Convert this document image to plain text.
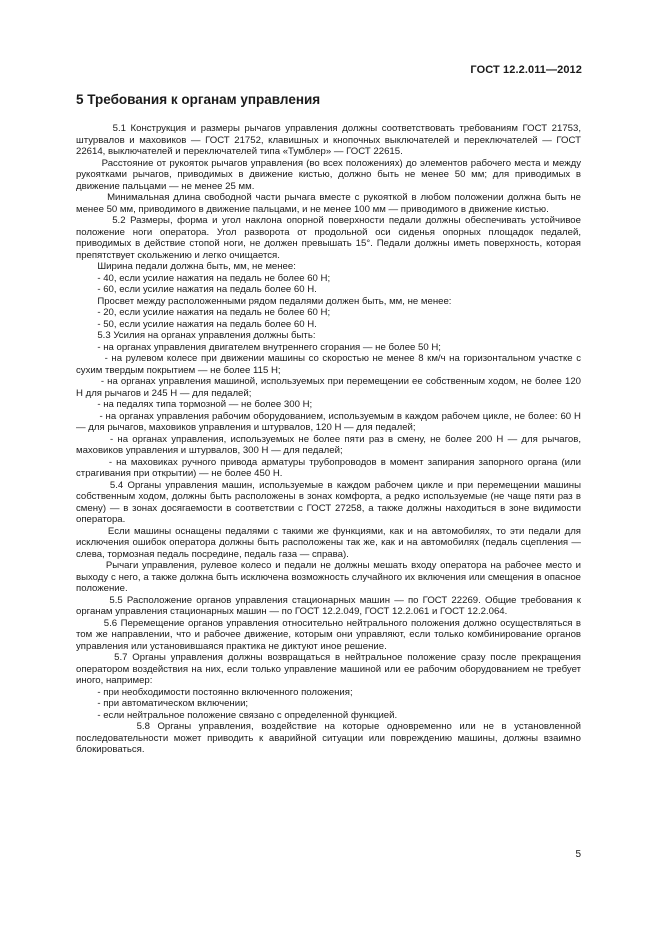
ГОСТ 12.2.011—2012
5 Требования к органам управления

5.1 Конструкция и размеры рычагов управления должны соответствовать требованиям ГОСТ 21753, штурвалов и маховиков — ГОСТ 21752, клавишных и кнопочных выключателей и переключателей — ГОСТ 22614, выключателей и переключателей типа «Тумблер» — ГОСТ 22615.

Расстояние от рукояток рычагов управления (во всех положениях) до элементов рабочего места и между рукоятками рычагов, приводимых в движение кистью, должно быть не менее 50 мм; для приводимых в движение пальцами — не менее 25 мм.

Минимальная длина свободной части рычага вместе с рукояткой в любом положении должна быть не менее 50 мм, приводимого в движение пальцами, и не менее 100 мм — приводимого в движение кистью.

5.2 Размеры, форма и угол наклона опорной поверхности педали должны обеспечивать устойчивое положение ноги оператора. Угол разворота от продольной оси сиденья опорных площадок педалей, приводимых в действие стопой ноги, не должен превышать 15°. Педали должны иметь поверхность, которая препятствует скольжению и легко очищается.

Ширина педали должна быть, мм, не менее:

- 40, если усилие нажатия на педаль не более 60 Н;

- 60, если усилие нажатия на педаль более 60 Н.

Просвет между расположенными рядом педалями должен быть, мм, не менее:

- 20, если усилие нажатия на педаль не более 60 Н;

- 50, если усилие нажатия на педаль более 60 Н.

5.3 Усилия на органах управления должны быть:

- на органах управления двигателем внутреннего сгорания — не более 50 Н;

- на рулевом колесе при движении машины со скоростью не менее 8 км/ч на горизонтальном участке с сухим твердым покрытием — не более 115 Н;

- на органах управления машиной, используемых при перемещении ее собственным ходом, не более 120 Н для рычагов и 245 Н — для педалей;

- на педалях типа тормозной — не более 300 Н;

- на органах управления рабочим оборудованием, используемым в каждом рабочем цикле, не более: 60 Н — для рычагов, маховиков управления и штурвалов, 120 Н — для педалей;

- на органах управления, используемых не более пяти раз в смену, не более 200 Н — для рычагов, маховиков управления и штурвалов, 300 Н — для педалей;

- на маховиках ручного привода арматуры трубопроводов в момент запирания запорного органа (или страгивания при открытии) — не более 450 Н.

5.4 Органы управления машин, используемые в каждом рабочем цикле и при перемещении машины собственным ходом, должны быть расположены в зонах комфорта, а редко используемые (не чаще пяти раз в смену) — в зонах досягаемости в соответствии с ГОСТ 27258, а также должны находиться в зоне видимости оператора.

Если машины оснащены педалями с такими же функциями, как и на автомобилях, то эти педали для исключения ошибок оператора должны быть расположены так же, как и на автомобилях (педаль сцепления — слева, тормозная педаль посредине, педаль газа — справа).

Рычаги управления, рулевое колесо и педали не должны мешать входу оператора на рабочее место и выходу с него, а также должна быть исключена возможность случайного их включения или смещения в опасное положение.

5.5 Расположение органов управления стационарных машин — по ГОСТ 22269. Общие требования к органам управления стационарных машин — по ГОСТ 12.2.049, ГОСТ 12.2.061 и ГОСТ 12.2.064.

5.6 Перемещение органов управления относительно нейтрального положения должно осуществляться в том же направлении, что и рабочее движение, которым они управляют, если только комбинирование органов управления или установившаяся практика не диктуют иное решение.

5.7 Органы управления должны возвращаться в нейтральное положение сразу после прекращения оператором воздействия на них, если только управление машиной или ее рабочим оборудованием не требует иного, например:

- при необходимости постоянно включенного положения;

- при автоматическом включении;

- если нейтральное положение связано с определенной функцией.

5.8 Органы управления, воздействие на которые одновременно или не в установленной последовательности может приводить к аварийной ситуации или повреждению машины, должны взаимно блокироваться.

5
